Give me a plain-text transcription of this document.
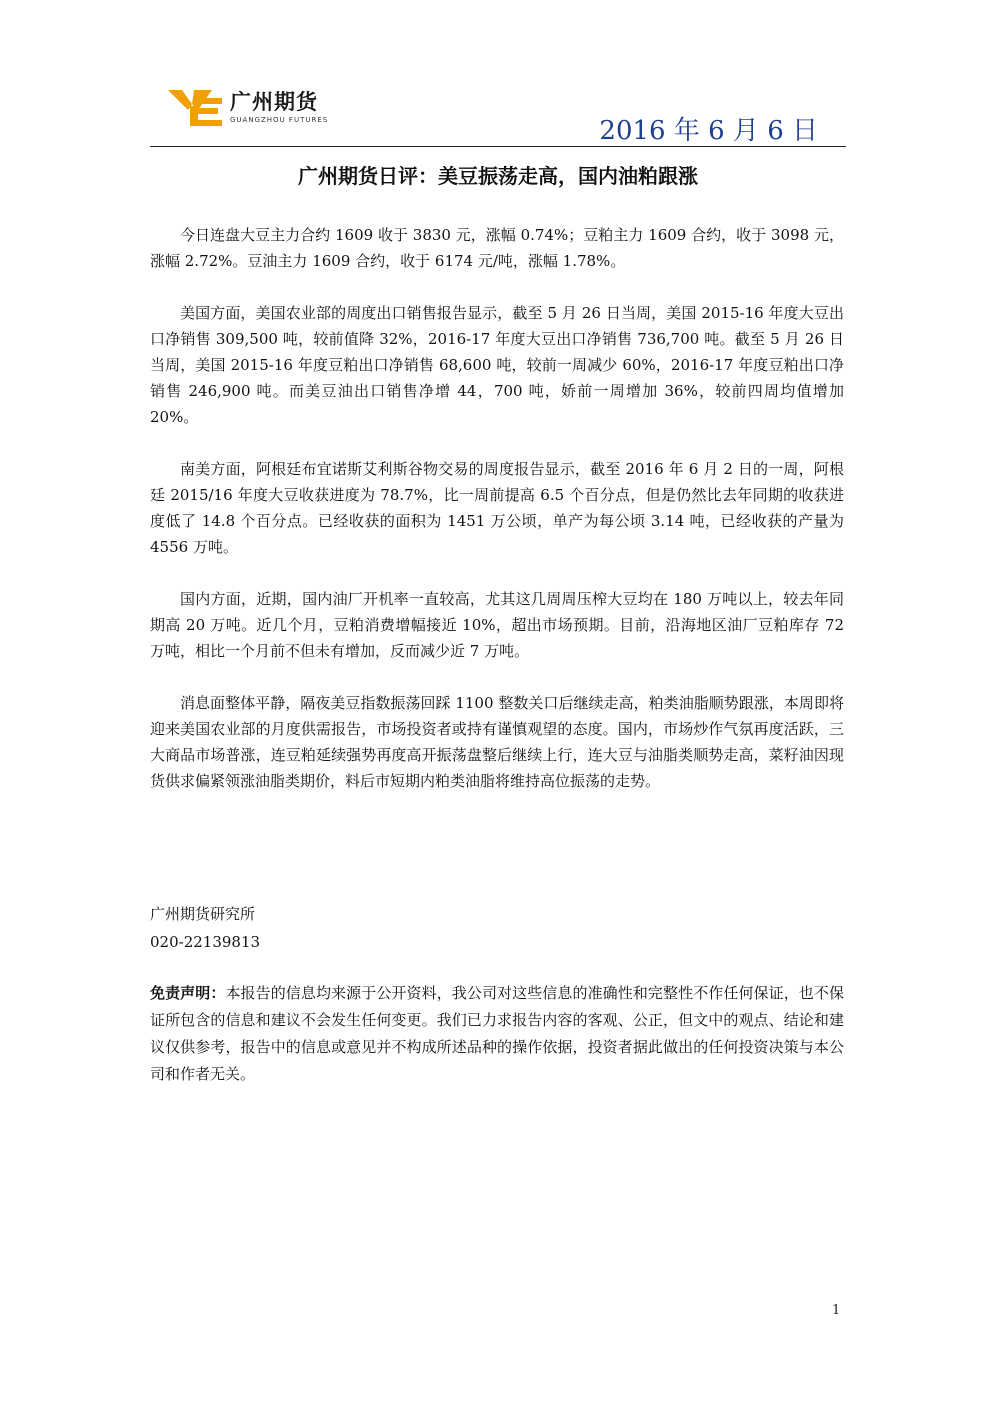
广州期货
GUANGZHOU FUTURES	2016 年 6 月 6 日
广州期货日评：美豆振荡走高，国内油粕跟涨

今日连盘大豆主力合约 1609 收于 3830 元，涨幅 0.74%；豆粕主力 1609 合约，收于 3098 元，涨幅 2.72%。豆油主力 1609 合约，收于 6174 元/吨，涨幅 1.78%。

美国方面，美国农业部的周度出口销售报告显示，截至 5 月 26 日当周，美国 2015-16 年度大豆出口净销售 309,500 吨，较前值降 32%，2016-17 年度大豆出口净销售 736,700 吨。截至 5 月 26 日当周，美国 2015-16 年度豆粕出口净销售 68,600 吨，较前一周减少 60%，2016-17 年度豆粕出口净销售 246,900 吨。而美豆油出口销售净增 44，700 吨，娇前一周增加 36%，较前四周均值增加 20%。

南美方面，阿根廷布宜诺斯艾利斯谷物交易的周度报告显示，截至 2016 年 6 月 2 日的一周，阿根廷 2015/16 年度大豆收获进度为 78.7%，比一周前提高 6.5 个百分点，但是仍然比去年同期的收获进度低了 14.8 个百分点。已经收获的面积为 1451 万公顷，单产为每公顷 3.14 吨，已经收获的产量为 4556 万吨。

国内方面，近期，国内油厂开机率一直较高，尤其这几周周压榨大豆均在 180 万吨以上，较去年同期高 20 万吨。近几个月，豆粕消费增幅接近 10%，超出市场预期。目前，沿海地区油厂豆粕库存 72 万吨，相比一个月前不但未有增加，反而减少近 7 万吨。

消息面整体平静，隔夜美豆指数振荡回踩 1100 整数关口后继续走高，粕类油脂顺势跟涨，本周即将迎来美国农业部的月度供需报告，市场投资者或持有谨慎观望的态度。国内，市场炒作气氛再度活跃，三大商品市场普涨，连豆粕延续强势再度高开振荡盘整后继续上行，连大豆与油脂类顺势走高，菜籽油因现货供求偏紧领涨油脂类期价，料后市短期内粕类油脂将维持高位振荡的走势。

广州期货研究所
020-22139813
免责声明：本报告的信息均来源于公开资料，我公司对这些信息的准确性和完整性不作任何保证，也不保证所包含的信息和建议不会发生任何变更。我们已力求报告内容的客观、公正，但文中的观点、结论和建议仅供参考，报告中的信息或意见并不构成所述品种的操作依据，投资者据此做出的任何投资决策与本公司和作者无关。
1
